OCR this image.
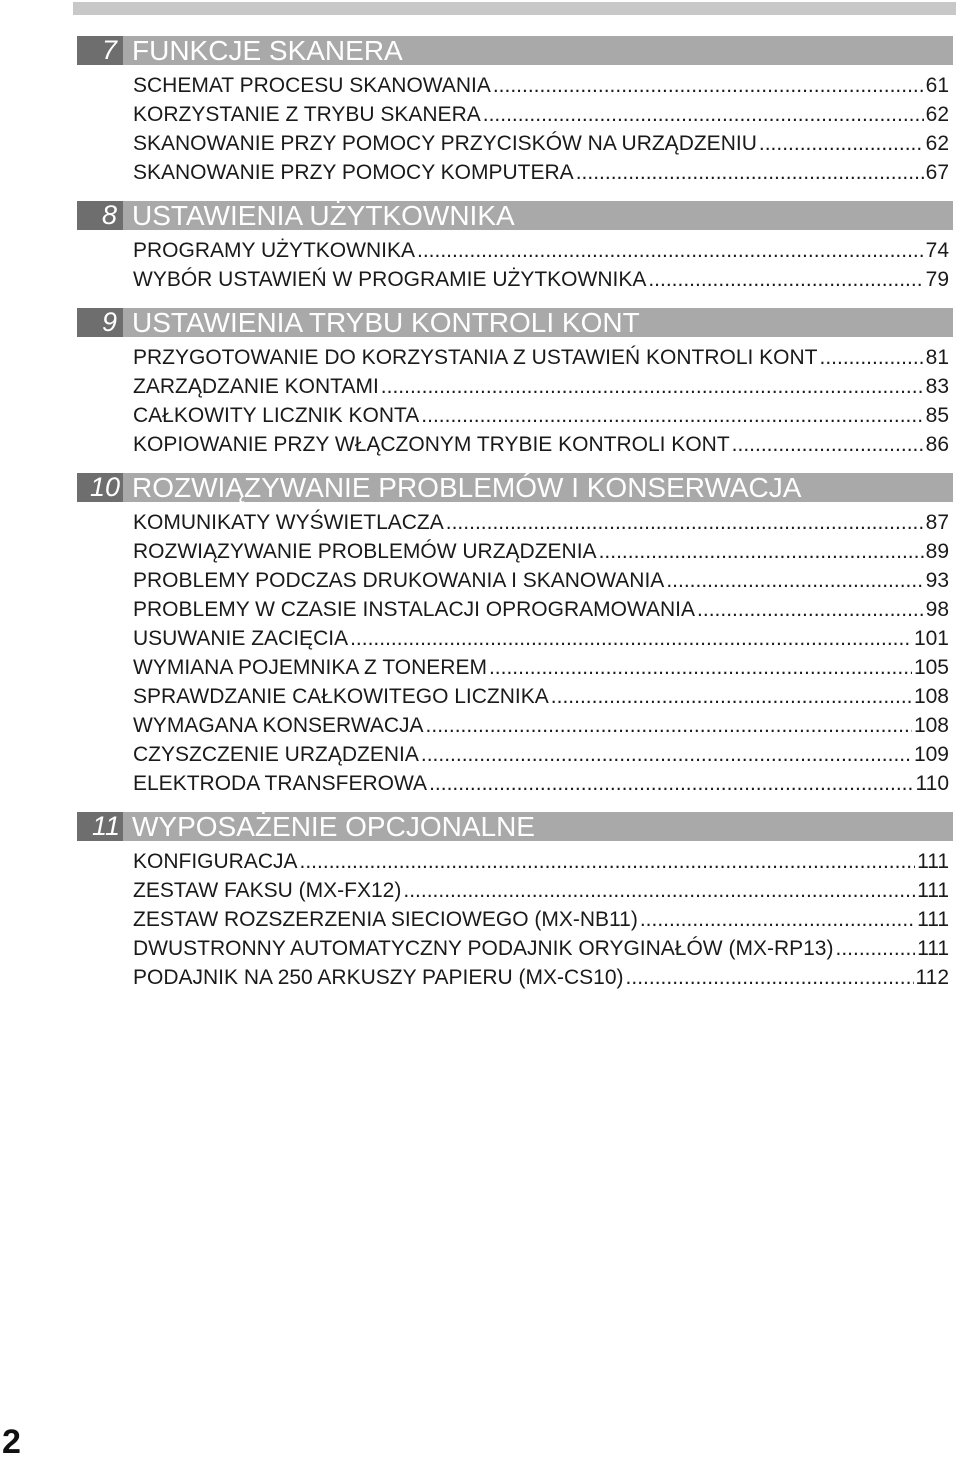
7 FUNKCJE SKANERA
SCHEMAT PROCESU SKANOWANIA .....	61
KORZYSTANIE Z TRYBU SKANERA .....	62
SKANOWANIE PRZY POMOCY PRZYCISKÓW NA URZĄDZENIU .....	62
SKANOWANIE PRZY POMOCY KOMPUTERA .....	67
8 USTAWIENIA UŻYTKOWNIKA
PROGRAMY UŻYTKOWNIKA .....	74
WYBÓR USTAWIEŃ W PROGRAMIE UŻYTKOWNIKA .....	79
9 USTAWIENIA TRYBU KONTROLI KONT
PRZYGOTOWANIE DO KORZYSTANIA Z USTAWIEŃ KONTROLI KONT .....	81
ZARZĄDZANIE KONTAMI .....	83
CAŁKOWITY LICZNIK KONTA .....	85
KOPIOWANIE PRZY WŁĄCZONYM TRYBIE KONTROLI KONT .....	86
10 ROZWIĄZYWANIE PROBLEMÓW I KONSERWACJA
KOMUNIKATY WYŚWIETLACZA .....	87
ROZWIĄZYWANIE PROBLEMÓW URZĄDZENIA .....	89
PROBLEMY PODCZAS DRUKOWANIA I SKANOWANIA .....	93
PROBLEMY W CZASIE INSTALACJI OPROGRAMOWANIA .....	98
USUWANIE ZACIĘCIA .....	101
WYMIANA POJEMNIKA Z TONEREM .....	105
SPRAWDZANIE CAŁKOWITEGO LICZNIKA .....	108
WYMAGANA KONSERWACJA .....	108
CZYSZCZENIE URZĄDZENIA .....	109
ELEKTRODA TRANSFEROWA .....	110
11 WYPOSAŻENIE OPCJONALNE
KONFIGURACJA .....	111
ZESTAW FAKSU (MX-FX12) .....	111
ZESTAW ROZSZERZENIA SIECIOWEGO (MX-NB11) .....	111
DWUSTRONNY AUTOMATYCZNY PODAJNIK ORYGINAŁÓW (MX-RP13) .....	111
PODAJNIK NA 250 ARKUSZY PAPIERU (MX-CS10) .....	112
2
